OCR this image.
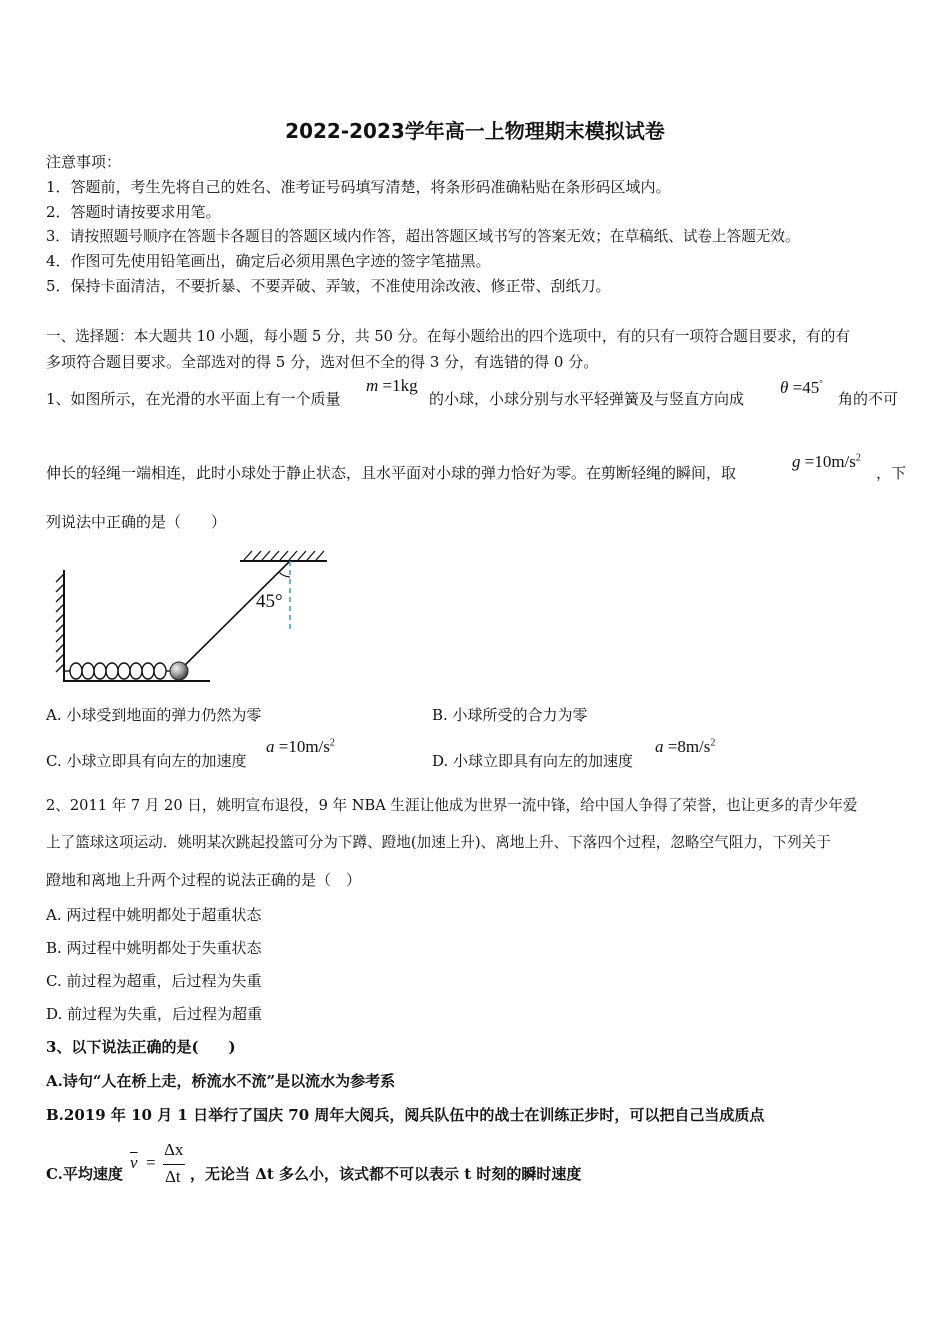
2022-2023学年高一上物理期末模拟试卷
注意事项：
1．答题前，考生先将自己的姓名、准考证号码填写清楚，将条形码准确粘贴在条形码区域内。
2．答题时请按要求用笔。
3．请按照题号顺序在答题卡各题目的答题区域内作答，超出答题区域书写的答案无效；在草稿纸、试卷上答题无效。
4．作图可先使用铅笔画出，确定后必须用黑色字迹的签字笔描黑。
5．保持卡面清洁，不要折暴、不要弄破、弄皱，不准使用涂改液、修正带、刮纸刀。
一、选择题：本大题共 10 小题，每小题 5 分，共 50 分。在每小题给出的四个选项中，有的只有一项符合题目要求，有的有
多项符合题目要求。全部选对的得 5 分，选对但不全的得 3 分，有选错的得 0 分。
1、如图所示，在光滑的水平面上有一个质量
m =1kg
的小球，小球分别与水平轻弹簧及与竖直方向成
θ =45°
角的不可
伸长的轻绳一端相连，此时小球处于静止状态，且水平面对小球的弹力恰好为零。在剪断轻绳的瞬间，取
$g =10m/s^2$
，下
列说法中正确的是（　　）
45°
A. 小球受到地面的弹力仍然为零	B. 小球所受的合力为零
C. 小球立即具有向左的加速度
$a =10m/s^2$
D. 小球立即具有向左的加速度
$a =8m/s^2$
2、2011 年 7 月 20 日，姚明宣布退役，9 年 NBA 生涯让他成为世界一流中锋，给中国人争得了荣誉，也让更多的青少年爱
上了篮球这项运动．姚明某次跳起投篮可分为下蹲、蹬地(加速上升)、离地上升、下落四个过程，忽略空气阻力，下列关于
蹬地和离地上升两个过程的说法正确的是（　）
A. 两过程中姚明都处于超重状态
B. 两过程中姚明都处于失重状态
C. 前过程为超重，后过程为失重
D. 前过程为失重，后过程为超重
3、以下说法正确的是(　　)
A.诗句“人在桥上走，桥流水不流”是以流水为参考系
B.2019 年 10 月 1 日举行了国庆 70 周年大阅兵，阅兵队伍中的战士在训练正步时，可以把自己当成质点
C.平均速度
$\overline{v}$ =
Δx
Δt ，无论当 Δt 多么小，该式都不可以表示 t 时刻的瞬时速度
